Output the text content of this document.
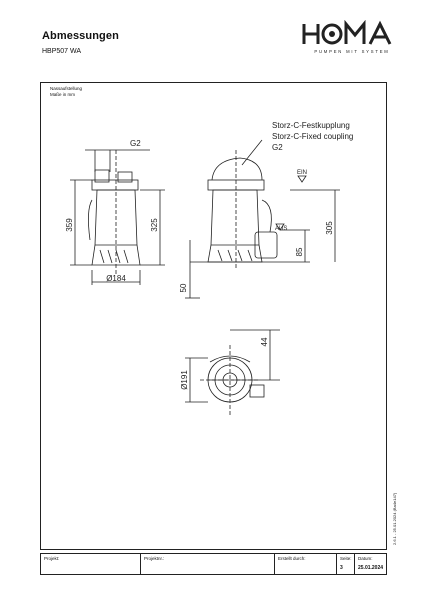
Abmessungen
HBP507 WA	PUMPEN MIT SYSTEM
Nassaufstellung
Maße in mm
G2
Storz-C-Festkupplung
Storz-C-Fixed coupling
G2
EIN
AUS
359	325
Ø184
305
85
50
44
Ø191
2.6.1 - 25.01.2024 (Ba4e147)
Projekt:	Projektnr.:	Erstellt durch:	Seite:
3
Datum:
25.01.2024
